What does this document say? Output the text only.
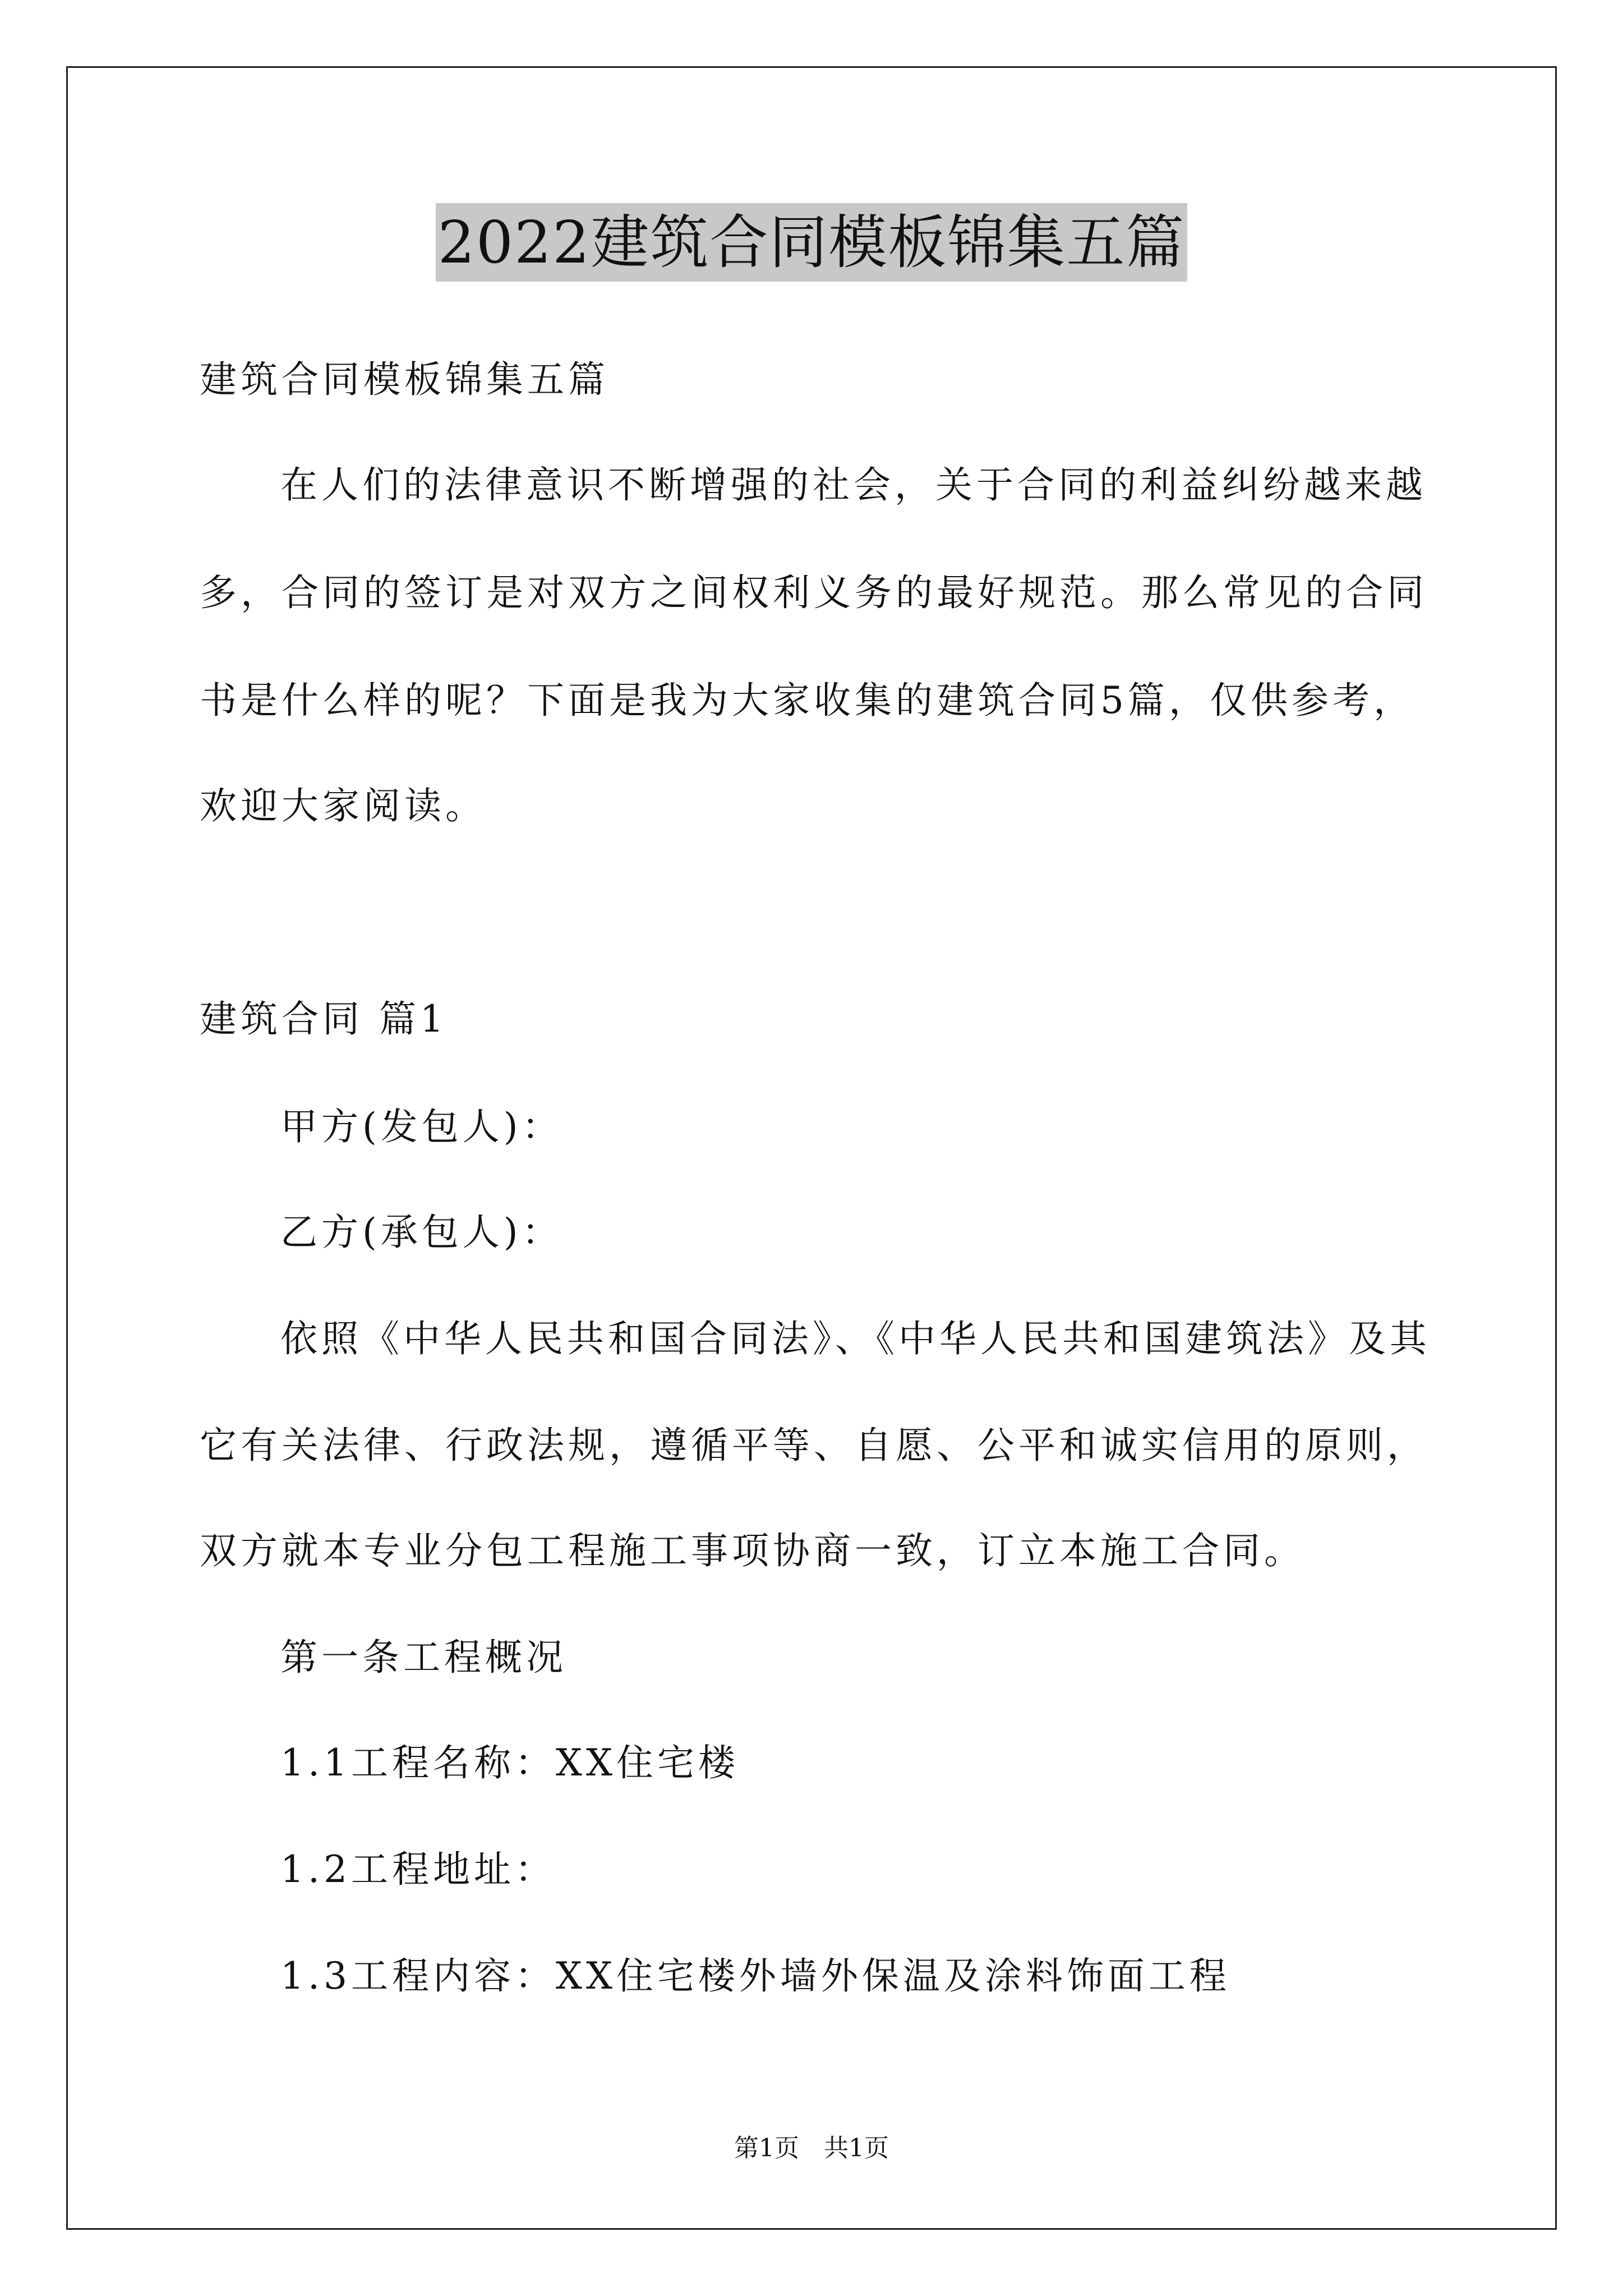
2022建筑合同模板锦集五篇
建筑合同模板锦集五篇
在人们的法律意识不断增强的社会，关于合同的利益纠纷越来越
多，合同的签订是对双方之间权利义务的最好规范。那么常见的合同
书是什么样的呢？下面是我为大家收集的建筑合同5篇，仅供参考，
欢迎大家阅读。
建筑合同 篇1
甲方(发包人)：
乙方(承包人)：
依照《中华人民共和国合同法》、《中华人民共和国建筑法》及其
它有关法律、行政法规，遵循平等、自愿、公平和诚实信用的原则，
双方就本专业分包工程施工事项协商一致，订立本施工合同。
第一条工程概况
1.1工程名称：XX住宅楼
1.2工程地址：
1.3工程内容：XX住宅楼外墙外保温及涂料饰面工程
第1页　共1页
